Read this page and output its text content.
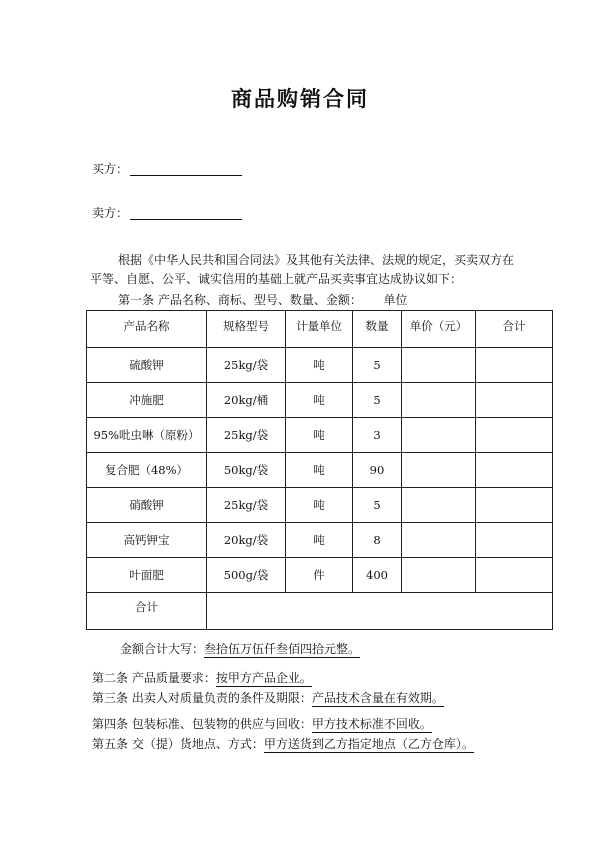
商品购销合同
买方：
卖方：
根据《中华人民共和国合同法》及其他有关法律、法规的规定，买卖双方在平等、自愿、公平、诚实信用的基础上就产品买卖事宜达成协议如下：
第一条 产品名称、商标、型号、数量、金额： 单位
产品名称	规格型号	计量单位	数量	单价（元）	合计
硫酸钾	25kg/袋	吨	5		
冲施肥	20kg/桶	吨	5		
95%吡虫啉（原粉）	25kg/袋	吨	3		
复合肥（48%）	50kg/袋	吨	90		
硝酸钾	25kg/袋	吨	5		
高钙钾宝	20kg/袋	吨	8		
叶面肥	500g/袋	件	400		
合计					
金额合计大写：叁拾伍万伍仟叁佰四拾元整。
第二条 产品质量要求：按甲方产品企业。
第三条 出卖人对质量负责的条件及期限：产品技术含量在有效期。
第四条 包装标准、包装物的供应与回收：甲方技术标准不回收。
第五条 交（提）货地点、方式：甲方送货到乙方指定地点（乙方仓库）。
